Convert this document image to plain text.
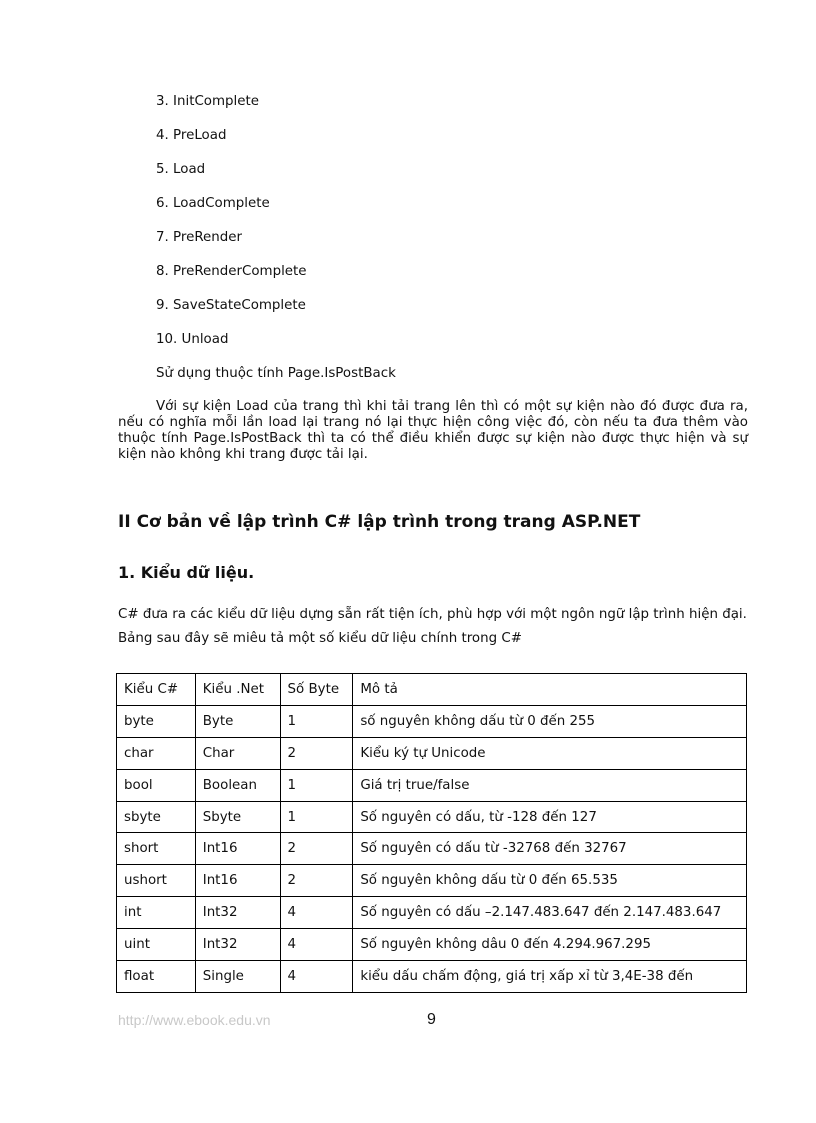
3. InitComplete
4. PreLoad
5. Load
6. LoadComplete
7. PreRender
8. PreRenderComplete
9. SaveStateComplete
10. Unload
Sử dụng thuộc tính Page.IsPostBack
Với sự kiện Load của trang thì khi tải trang lên thì có một sự kiện nào đó được đưa ra, nếu có nghĩa mỗi lần load lại trang nó lại thực hiện công việc đó, còn nếu ta đưa thêm vào thuộc tính Page.IsPostBack thì ta có thể điều khiển được sự kiện nào được thực hiện và sự kiện nào không khi trang được tải lại.
II Cơ bản về lập trình C# lập trình trong trang ASP.NET
1. Kiểu dữ liệu.
C# đưa ra các kiểu dữ liệu dựng sẵn rất tiện ích, phù hợp với một ngôn ngữ lập trình hiện đại. Bảng sau đây sẽ miêu tả một số kiểu dữ liệu chính trong C#
Kiểu C#	Kiểu .Net	Số Byte	Mô tả
byte	Byte	1	số nguyên không dấu từ 0 đến 255
char	Char	2	Kiểu ký tự Unicode
bool	Boolean	1	Giá trị true/false
sbyte	Sbyte	1	Số nguyên có dấu, từ -128 đến 127
short	Int16	2	Số nguyên có dấu từ -32768 đến 32767
ushort	Int16	2	Số nguyên không dấu từ 0 đến 65.535
int	Int32	4	Số nguyên có dấu –2.147.483.647 đến 2.147.483.647
uint	Int32	4	Số nguyên không dâu 0 đến 4.294.967.295
float	Single	4	kiểu dấu chấm động, giá trị xấp xỉ từ 3,4E-38 đến
http://www.ebook.edu.vn	9
